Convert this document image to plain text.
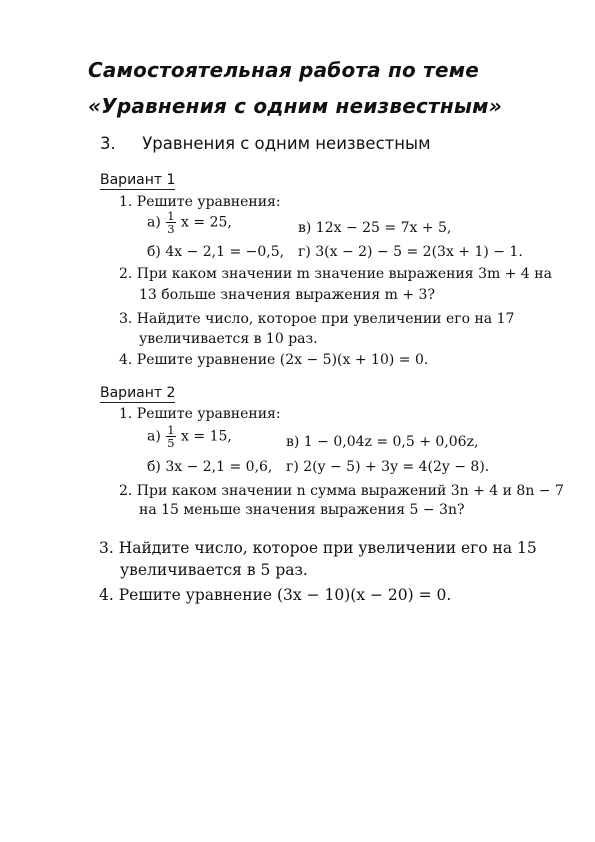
Самостоятельная работа по теме
«Уравнения с одним неизвестным»
3. Уравнения с одним неизвестным
Вариант 1
1. Решите уравнения:
$а) \frac{1}{3}$ x = 25,	в) 12x − 25 = 7x + 5,
б) 4x − 2,1 = −0,5, г) 3(x − 2) − 5 = 2(3x + 1) − 1.
2. При каком значении m значение выражения 3m + 4 на
13 больше значения выражения m + 3?
3. Найдите число, которое при увеличении его на 17
увеличивается в 10 раз.
4. Решите уравнение (2x − 5)(x + 10) = 0.
Вариант 2
1. Решите уравнения:
$а) \frac{1}{5}$ x = 15,	в) 1 − 0,04z = 0,5 + 0,06z,
б) 3x − 2,1 = 0,6, г) 2(y − 5) + 3y = 4(2y − 8).
2. При каком значении n сумма выражений 3n + 4 и 8n − 7
на 15 меньше значения выражения 5 − 3n?
3. Найдите число, которое при увеличении его на 15
увеличивается в 5 раз.
4. Решите уравнение (3x − 10)(x − 20) = 0.
